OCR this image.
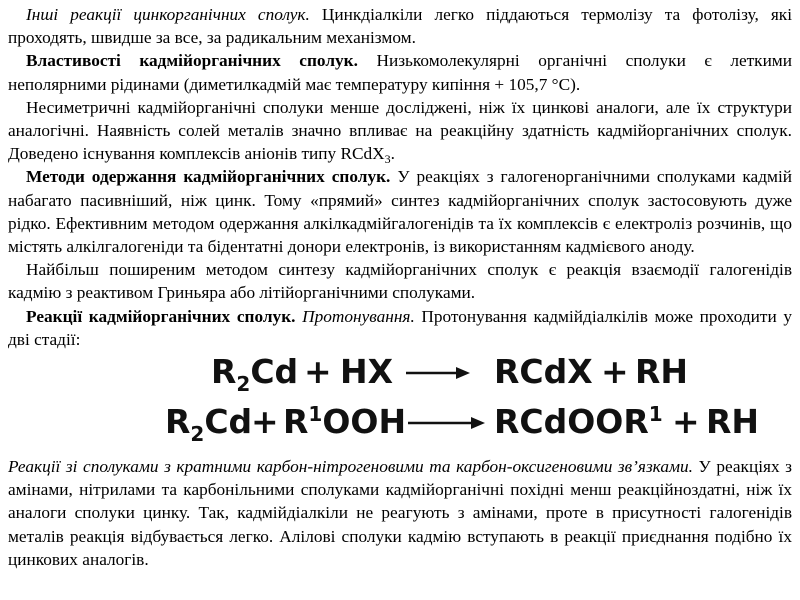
Інші реакції цинкорганічних сполук. Цинкдіалкіли легко піддаються термолізу та фотолізу, які проходять, швидше за все, за радикальним механізмом.

Властивості кадмійорганічних сполук. Низькомолекулярні органічні сполуки є леткими неполярними рідинами (диметилкадмій має температуру кипіння + 105,7 °С).

Несиметричні кадмійорганічні сполуки менше досліджені, ніж їх цинкові аналоги, але їх структури аналогічні. Наявність солей металів значно впливає на реакційну здатність кадмійорганічних сполук. Доведено існування комплексів аніонів типу RCdX$_3$.

Методи одержання кадмійорганічних сполук. У реакціях з галогенорганічними сполуками кадмій набагато пасивніший, ніж цинк. Тому «прямий» синтез кадмійорганічних сполук застосовують дуже рідко. Ефективним методом одержання алкілкадмійгалогенідів та їх комплексів є електроліз розчинів, що містять алкілгалогеніди та бідентатні донори електронів, із використанням кадмієвого аноду.

Найбільш поширеним методом синтезу кадмійорганічних сполук є реакція взаємодії галогенідів кадмію з реактивом Гриньяра або літійорганічними сполуками.

Реакції кадмійорганічних сполук. Протонування. Протонування кадмійдіалкілів може проходити у дві стадії:

R2Cd + HX	RCdX + RH
R2Cd
+ R1OOH	RCdOOR1 + RH

Реакції зі сполуками з кратними карбон-нітрогеновими та карбон-оксигеновими зв’язками. У реакціях з амінами, нітрилами та карбонільними сполуками кадмійорганічні похідні менш реакційноздатні, ніж їх аналоги сполуки цинку. Так, кадмійдіалкіли не реагують з амінами, проте в присутності галогенідів металів реакція відбувається легко. Алілові сполуки кадмію вступають в реакції приєднання подібно їх цинкових аналогів.
